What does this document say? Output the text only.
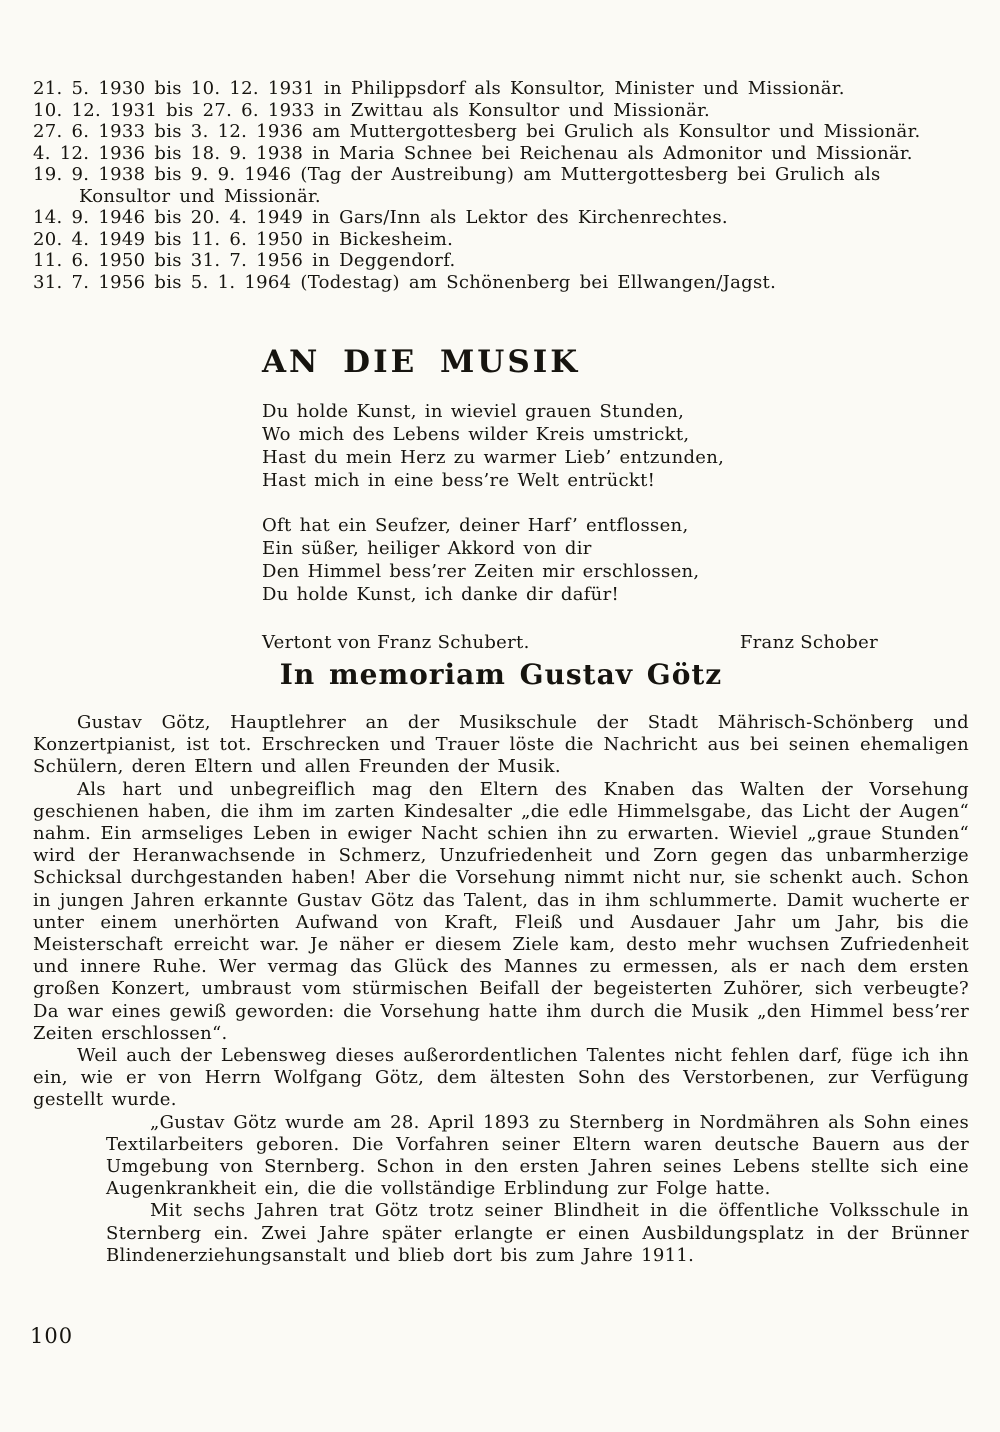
21. 5. 1930 bis 10. 12. 1931 in Philippsdorf als Konsultor, Minister und Missionär.
10. 12. 1931 bis 27. 6. 1933 in Zwittau als Konsultor und Missionär.
27. 6. 1933 bis 3. 12. 1936 am Muttergottesberg bei Grulich als Konsultor und Missionär.
4. 12. 1936 bis 18. 9. 1938 in Maria Schnee bei Reichenau als Admonitor und Missionär.
19. 9. 1938 bis 9. 9. 1946 (Tag der Austreibung) am Muttergottesberg bei Grulich als Konsultor und Missionär.
14. 9. 1946 bis 20. 4. 1949 in Gars/Inn als Lektor des Kirchenrechtes.
20. 4. 1949 bis 11. 6. 1950 in Bickesheim.
11. 6. 1950 bis 31. 7. 1956 in Deggendorf.
31. 7. 1956 bis 5. 1. 1964 (Todestag) am Schönenberg bei Ellwangen/Jagst.
AN DIE MUSIK
Du holde Kunst, in wieviel grauen Stunden,
Wo mich des Lebens wilder Kreis umstrickt,
Hast du mein Herz zu warmer Lieb’ entzunden,
Hast mich in eine bess’re Welt entrückt!
Oft hat ein Seufzer, deiner Harf’ entflossen,
Ein süßer, heiliger Akkord von dir
Den Himmel bess’rer Zeiten mir erschlossen,
Du holde Kunst, ich danke dir dafür!
Vertont von Franz Schubert.	Franz Schober
In memoriam Gustav Götz

Gustav Götz, Hauptlehrer an der Musikschule der Stadt Mährisch-Schönberg und Konzertpianist, ist tot. Erschrecken und Trauer löste die Nachricht aus bei seinen ehemaligen Schülern, deren Eltern und allen Freunden der Musik.

Als hart und unbegreiflich mag den Eltern des Knaben das Walten der Vorsehung geschienen haben, die ihm im zarten Kindesalter „die edle Himmelsgabe, das Licht der Augen“ nahm. Ein armseliges Leben in ewiger Nacht schien ihn zu erwarten. Wieviel „graue Stunden“ wird der Heranwachsende in Schmerz, Unzufriedenheit und Zorn gegen das unbarmherzige Schicksal durchgestanden haben! Aber die Vorsehung nimmt nicht nur, sie schenkt auch. Schon in jungen Jahren erkannte Gustav Götz das Talent, das in ihm schlummerte. Damit wucherte er unter einem unerhörten Aufwand von Kraft, Fleiß und Ausdauer Jahr um Jahr, bis die Meisterschaft erreicht war. Je näher er diesem Ziele kam, desto mehr wuchsen Zufriedenheit und innere Ruhe. Wer vermag das Glück des Mannes zu ermessen, als er nach dem ersten großen Konzert, umbraust vom stürmischen Beifall der begeisterten Zuhörer, sich verbeugte? Da war eines gewiß geworden: die Vorsehung hatte ihm durch die Musik „den Himmel bess’rer Zeiten erschlossen“.

Weil auch der Lebensweg dieses außerordentlichen Talentes nicht fehlen darf, füge ich ihn ein, wie er von Herrn Wolfgang Götz, dem ältesten Sohn des Verstorbenen, zur Verfügung gestellt wurde.

„Gustav Götz wurde am 28. April 1893 zu Sternberg in Nordmähren als Sohn eines Textilarbeiters geboren. Die Vorfahren seiner Eltern waren deutsche Bauern aus der Umgebung von Sternberg. Schon in den ersten Jahren seines Lebens stellte sich eine Augenkrankheit ein, die die vollständige Erblindung zur Folge hatte.

Mit sechs Jahren trat Götz trotz seiner Blindheit in die öffentliche Volksschule in Sternberg ein. Zwei Jahre später erlangte er einen Ausbildungsplatz in der Brünner Blindenerziehungsanstalt und blieb dort bis zum Jahre 1911.

100
